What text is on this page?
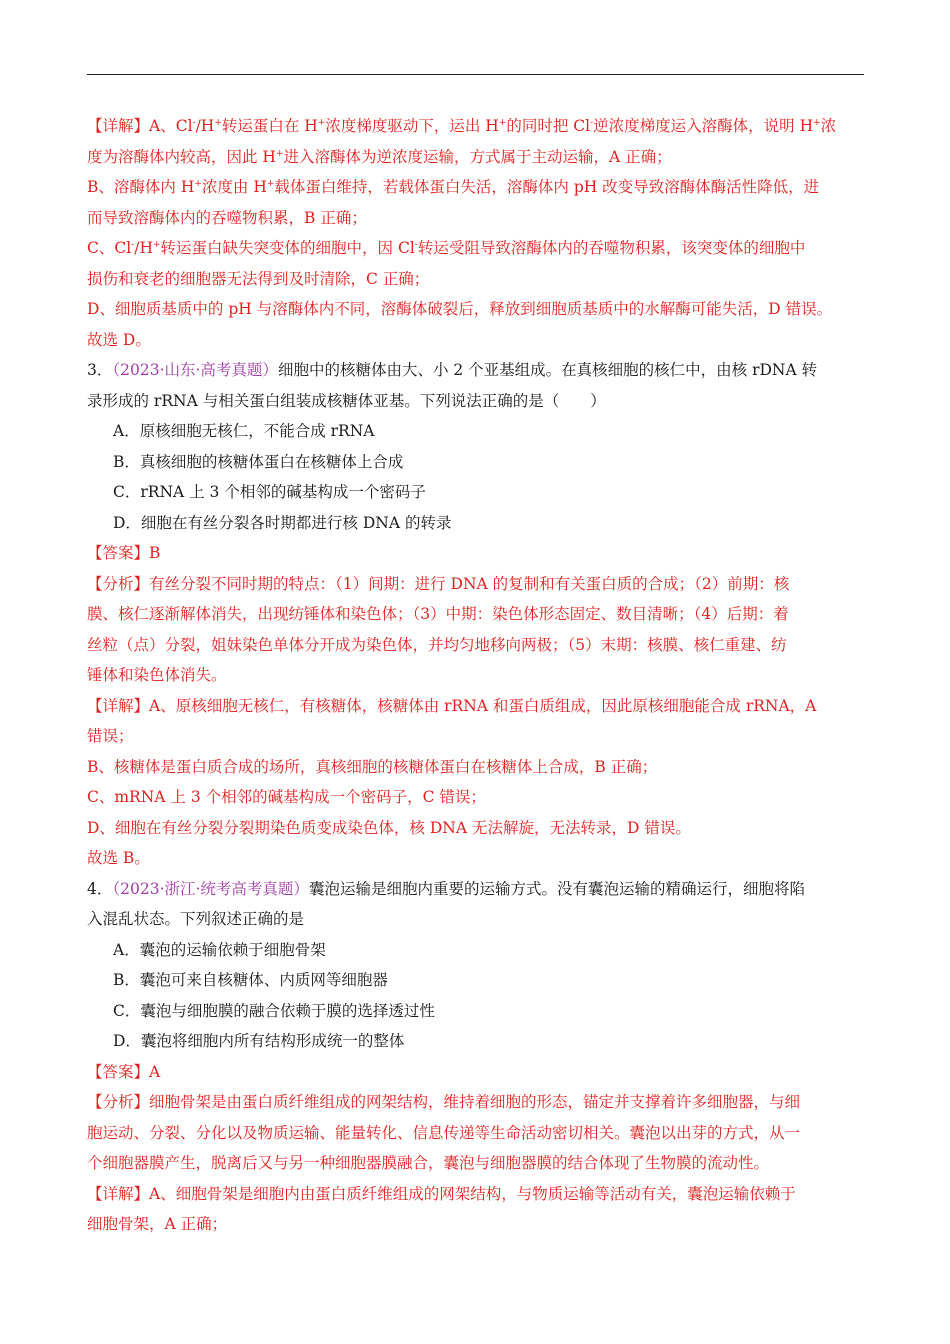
【详解】A、Cl-/H+转运蛋白在 H+浓度梯度驱动下，运出 H+的同时把 Cl-逆浓度梯度运入溶酶体，说明 H+浓
度为溶酶体内较高，因此 H+进入溶酶体为逆浓度运输，方式属于主动运输，A 正确；
B、溶酶体内 H+浓度由 H+载体蛋白维持，若载体蛋白失活，溶酶体内 pH 改变导致溶酶体酶活性降低，进
而导致溶酶体内的吞噬物积累，B 正确；
C、Cl-/H+转运蛋白缺失突变体的细胞中，因 Cl-转运受阻导致溶酶体内的吞噬物积累，该突变体的细胞中
损伤和衰老的细胞器无法得到及时清除，C 正确；
D、细胞质基质中的 pH 与溶酶体内不同，溶酶体破裂后，释放到细胞质基质中的水解酶可能失活，D 错误。
故选 D。
3．（2023·山东·高考真题）细胞中的核糖体由大、小 2 个亚基组成。在真核细胞的核仁中，由核 rDNA 转
录形成的 rRNA 与相关蛋白组装成核糖体亚基。下列说法正确的是（　　）
A．原核细胞无核仁，不能合成 rRNA
B．真核细胞的核糖体蛋白在核糖体上合成
C．rRNA 上 3 个相邻的碱基构成一个密码子
D．细胞在有丝分裂各时期都进行核 DNA 的转录
【答案】B
【分析】有丝分裂不同时期的特点：（1）间期：进行 DNA 的复制和有关蛋白质的合成；（2）前期：核
膜、核仁逐渐解体消失，出现纺锤体和染色体；（3）中期：染色体形态固定、数目清晰；（4）后期：着
丝粒（点）分裂，姐妹染色单体分开成为染色体，并均匀地移向两极；（5）末期：核膜、核仁重建、纺
锤体和染色体消失。
【详解】A、原核细胞无核仁，有核糖体，核糖体由 rRNA 和蛋白质组成，因此原核细胞能合成 rRNA，A
错误；
B、核糖体是蛋白质合成的场所，真核细胞的核糖体蛋白在核糖体上合成，B 正确；
C、mRNA 上 3 个相邻的碱基构成一个密码子，C 错误；
D、细胞在有丝分裂分裂期染色质变成染色体，核 DNA 无法解旋，无法转录，D 错误。
故选 B。
4．（2023·浙江·统考高考真题）囊泡运输是细胞内重要的运输方式。没有囊泡运输的精确运行，细胞将陷
入混乱状态。下列叙述正确的是
A．囊泡的运输依赖于细胞骨架
B．囊泡可来自核糖体、内质网等细胞器
C．囊泡与细胞膜的融合依赖于膜的选择透过性
D．囊泡将细胞内所有结构形成统一的整体
【答案】A
【分析】细胞骨架是由蛋白质纤维组成的网架结构，维持着细胞的形态，锚定并支撑着许多细胞器，与细
胞运动、分裂、分化以及物质运输、能量转化、信息传递等生命活动密切相关。囊泡以出芽的方式，从一
个细胞器膜产生，脱离后又与另一种细胞器膜融合，囊泡与细胞器膜的结合体现了生物膜的流动性。
【详解】A、细胞骨架是细胞内由蛋白质纤维组成的网架结构，与物质运输等活动有关，囊泡运输依赖于
细胞骨架，A 正确；
